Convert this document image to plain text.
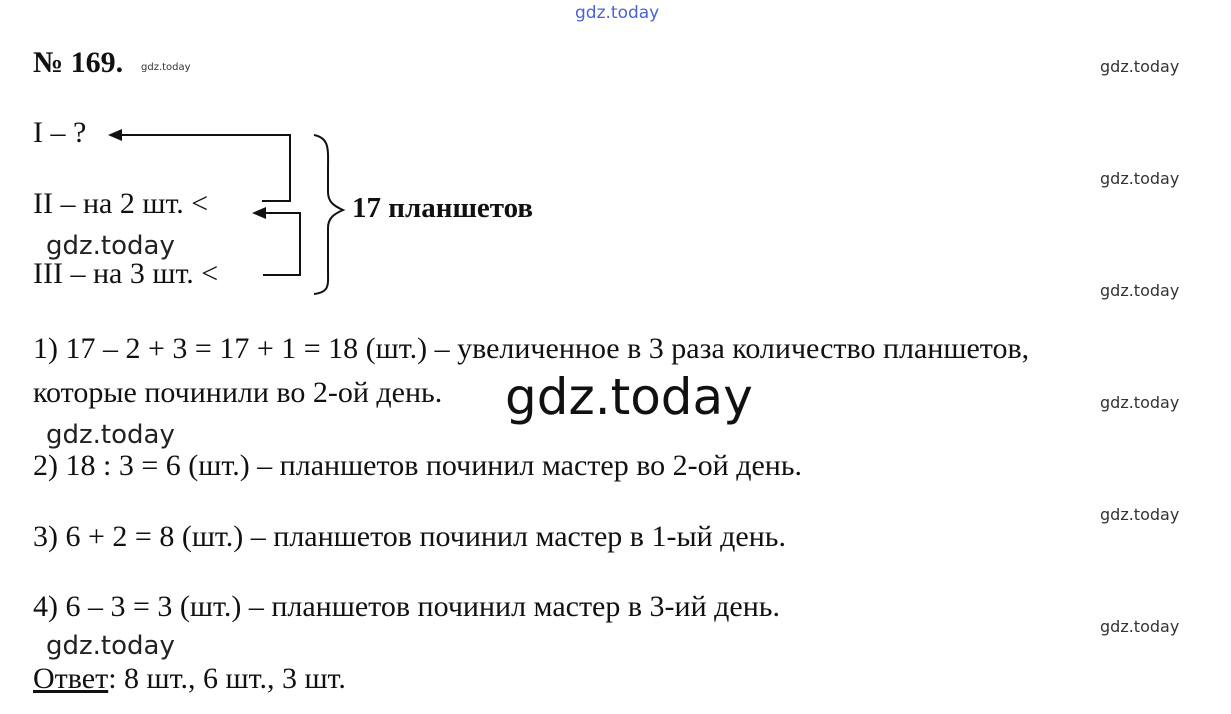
gdz.today
№ 169. gdz.today	gdz.today
gdz.today
gdz.today
gdz.today
gdz.today
gdz.today
I – ?
II – на 2 шт. <
gdz.today
III – на 3 шт. <
17 планшетов
1) 17 – 2 + 3 = 17 + 1 = 18 (шт.) – увеличенное в 3 раза количество планшетов,
которые починили во 2-ой день. gdz.today
gdz.today
2) 18 : 3 = 6 (шт.) – планшетов починил мастер во 2-ой день.
3) 6 + 2 = 8 (шт.) – планшетов починил мастер в 1-ый день.
4) 6 – 3 = 3 (шт.) – планшетов починил мастер в 3-ий день.
gdz.today
Ответ: 8 шт., 6 шт., 3 шт.
